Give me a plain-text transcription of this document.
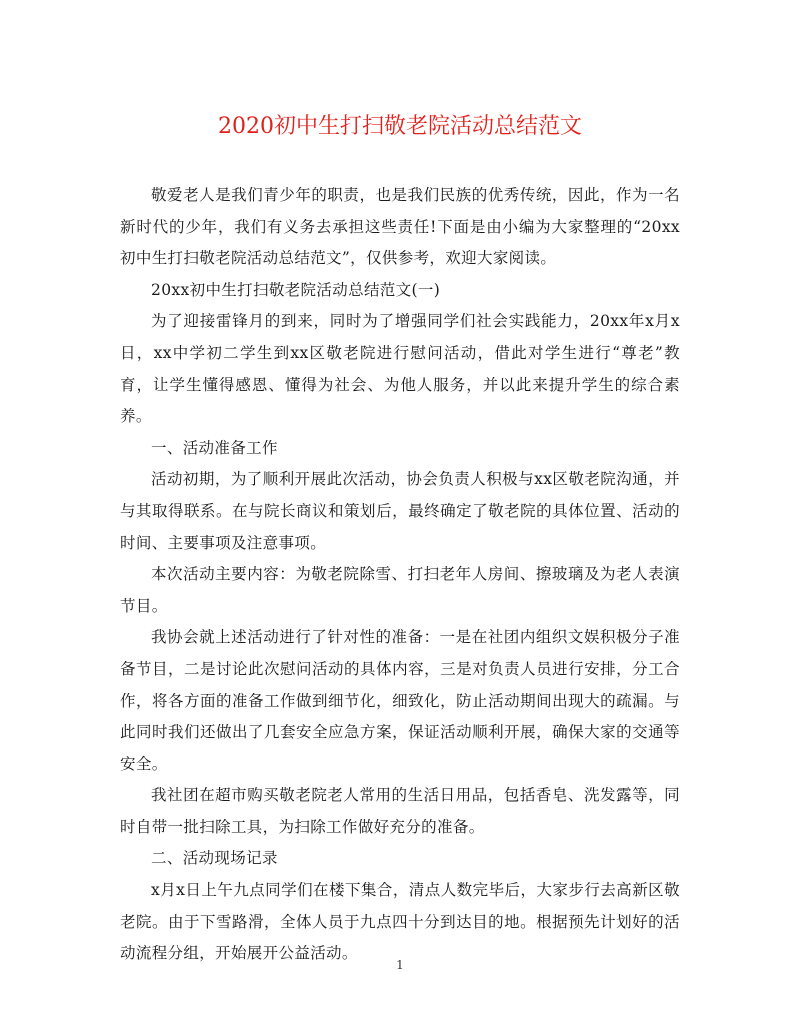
2020初中生打扫敬老院活动总结范文

敬爱老人是我们青少年的职责，也是我们民族的优秀传统，因此，作为一名新时代的少年，我们有义务去承担这些责任!下面是由小编为大家整理的“20xx初中生打扫敬老院活动总结范文”，仅供参考，欢迎大家阅读。

20xx初中生打扫敬老院活动总结范文(一)

为了迎接雷锋月的到来，同时为了增强同学们社会实践能力，20xx年x月x日，xx中学初二学生到xx区敬老院进行慰问活动，借此对学生进行“尊老”教育，让学生懂得感恩、懂得为社会、为他人服务，并以此来提升学生的综合素养。

一、活动准备工作

活动初期，为了顺利开展此次活动，协会负责人积极与xx区敬老院沟通，并与其取得联系。在与院长商议和策划后，最终确定了敬老院的具体位置、活动的时间、主要事项及注意事项。

本次活动主要内容：为敬老院除雪、打扫老年人房间、擦玻璃及为老人表演节目。

我协会就上述活动进行了针对性的准备：一是在社团内组织文娱积极分子准备节目，二是讨论此次慰问活动的具体内容，三是对负责人员进行安排，分工合作，将各方面的准备工作做到细节化，细致化，防止活动期间出现大的疏漏。与此同时我们还做出了几套安全应急方案，保证活动顺利开展，确保大家的交通等安全。

我社团在超市购买敬老院老人常用的生活日用品，包括香皂、洗发露等，同时自带一批扫除工具，为扫除工作做好充分的准备。

二、活动现场记录

x月x日上午九点同学们在楼下集合，清点人数完毕后，大家步行去高新区敬老院。由于下雪路滑，全体人员于九点四十分到达目的地。根据预先计划好的活动流程分组，开始展开公益活动。

1
